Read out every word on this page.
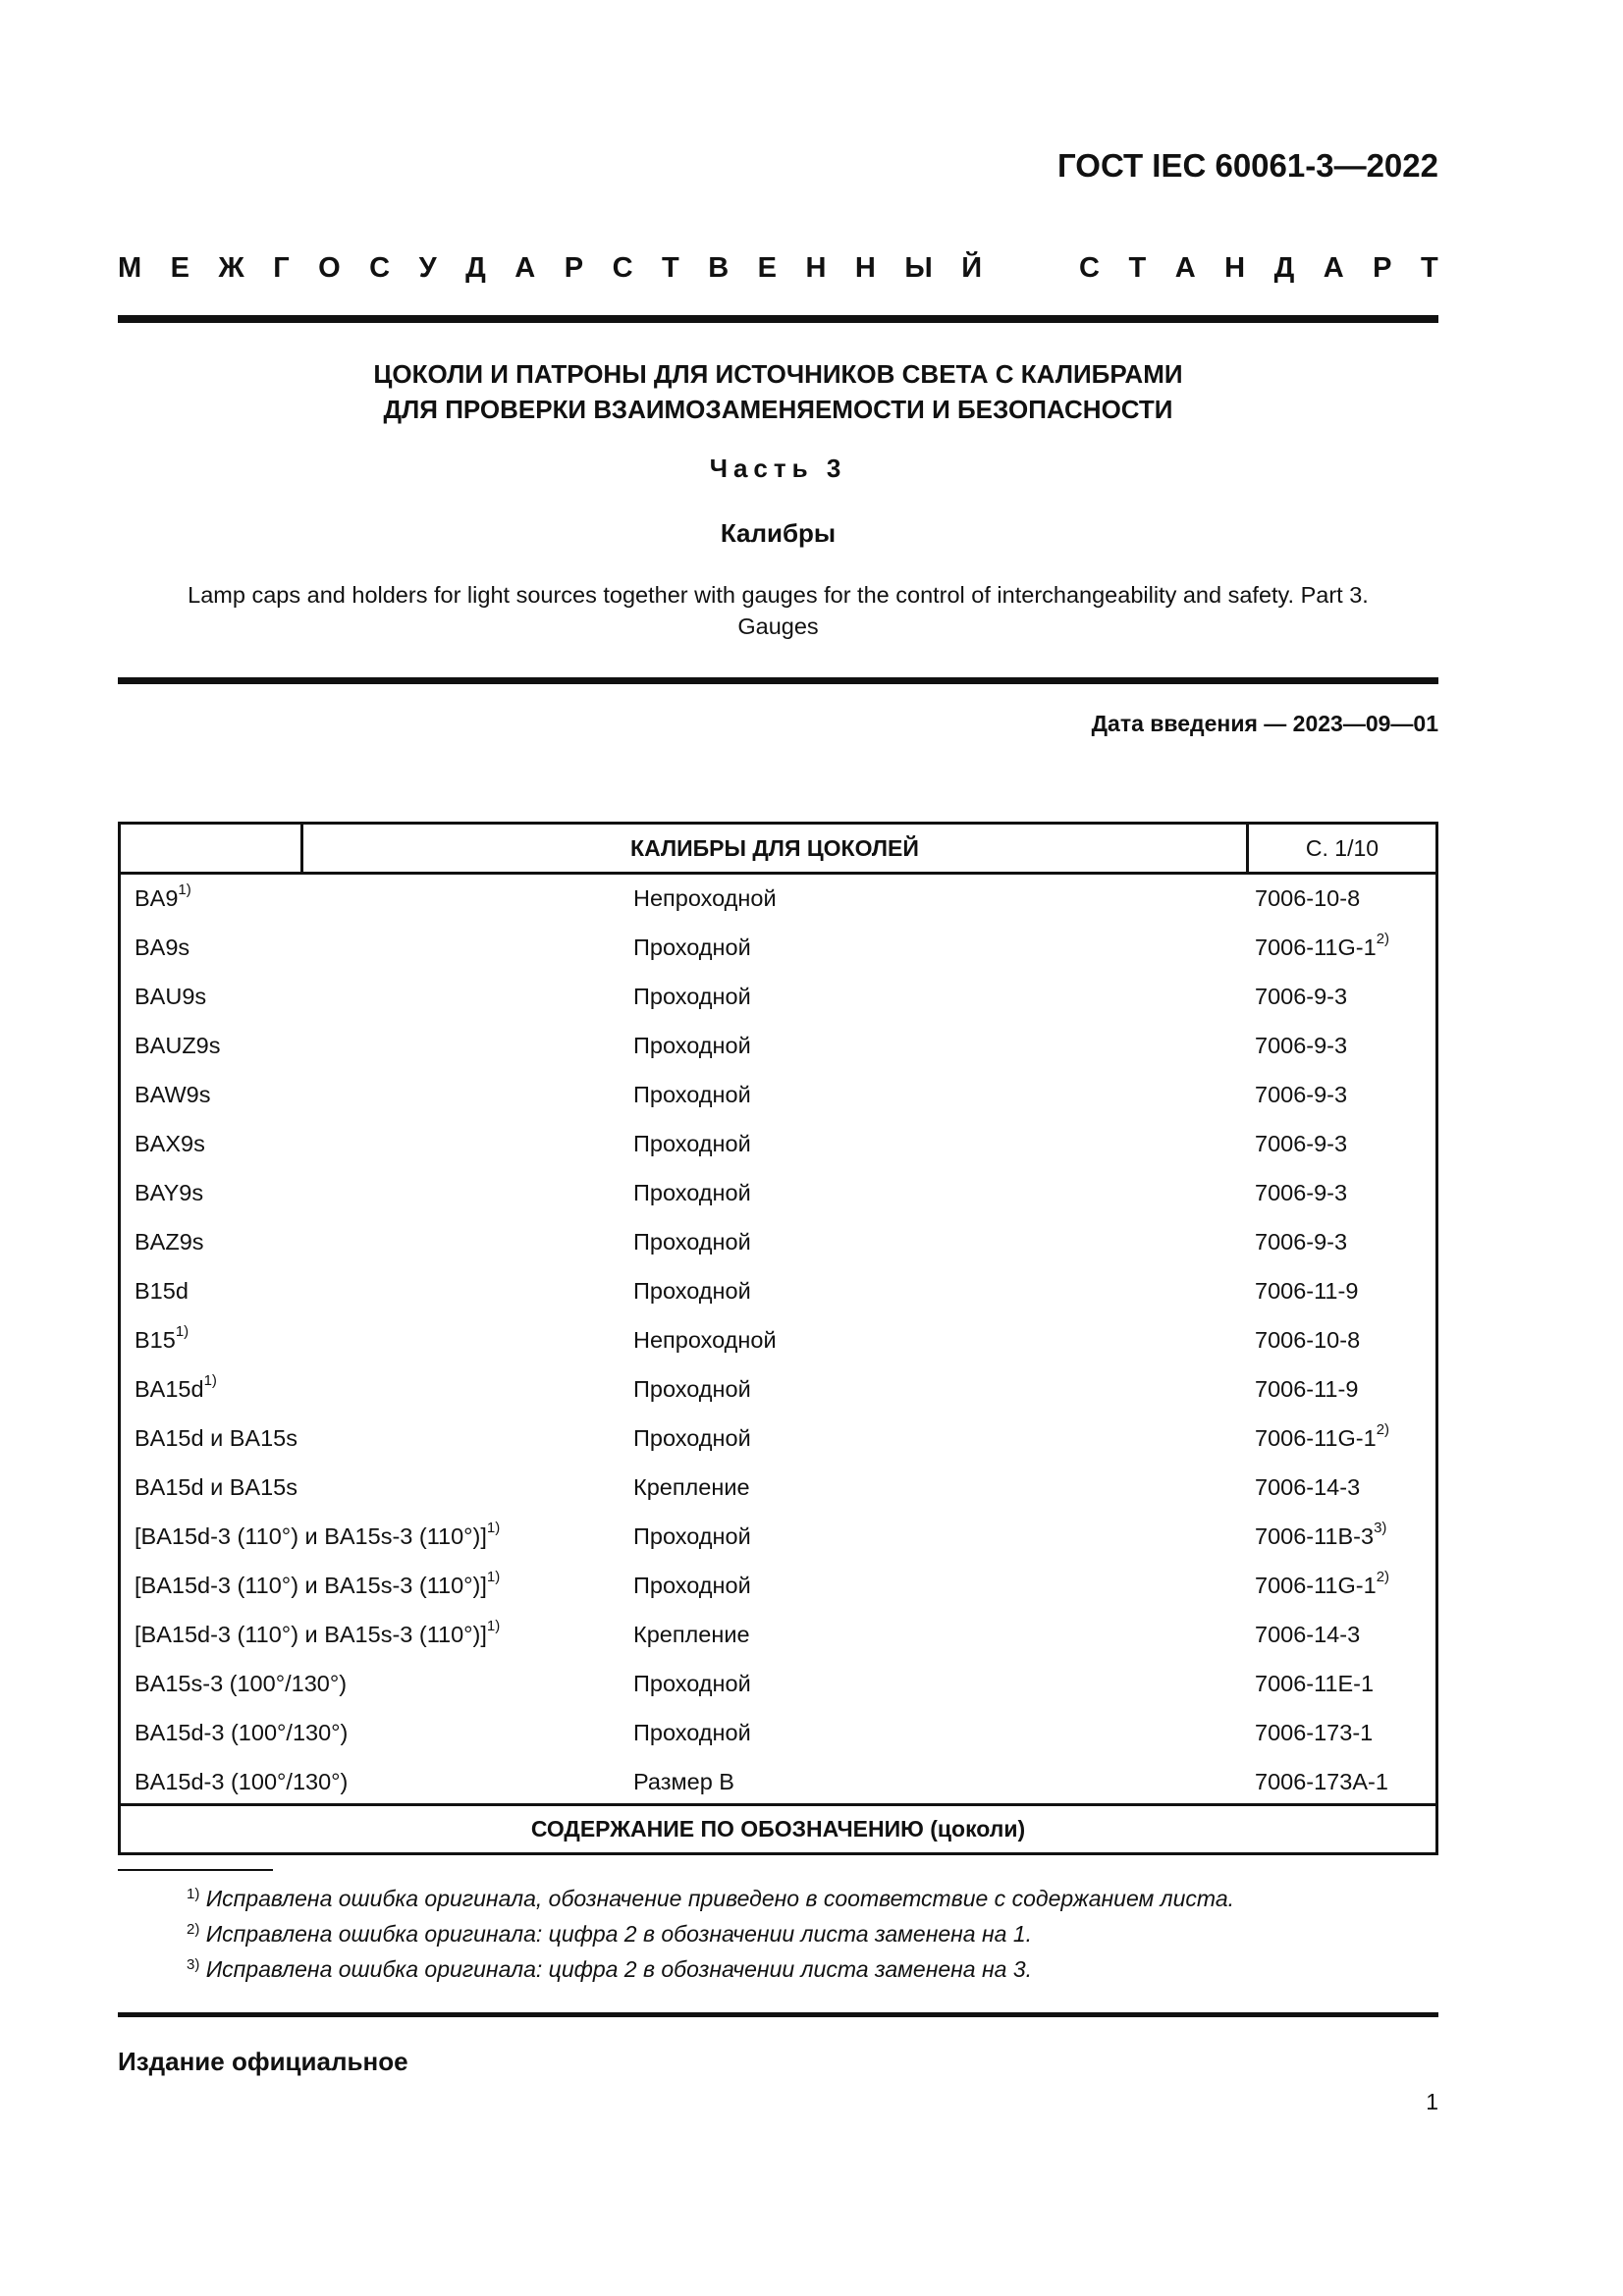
ГОСТ IEC 60061-3—2022
М Е Ж Г О С У Д А Р С Т В Е Н Н Ы Й	С Т А Н Д А Р Т
ЦОКОЛИ И ПАТРОНЫ ДЛЯ ИСТОЧНИКОВ СВЕТА С КАЛИБРАМИ
ДЛЯ ПРОВЕРКИ ВЗАИМОЗАМЕНЯЕМОСТИ И БЕЗОПАСНОСТИ
Часть 3
Калибры
Lamp caps and holders for light sources together with gauges for the control of interchangeability and safety. Part 3.
Gauges
Дата введения — 2023—09—01
КАЛИБРЫ ДЛЯ ЦОКОЛЕЙ	С. 1/10
BA9$^{1)}$	Непроходной	7006-10-8
BA9s	Проходной	7006-11G-1$^{2)}$
BAU9s	Проходной	7006-9-3
BAUZ9s	Проходной	7006-9-3
BAW9s	Проходной	7006-9-3
BAX9s	Проходной	7006-9-3
BAY9s	Проходной	7006-9-3
BAZ9s	Проходной	7006-9-3
B15d	Проходной	7006-11-9
B15$^{1)}$	Непроходной	7006-10-8
$BA15d^{1)}$	Проходной	7006-11-9
BA15d и BA15s	Проходной	7006-11G-1$^{2)}$
BA15d и BA15s	Крепление	7006-14-3
[BA15d-3 (110°) и BA15s-3 (110°)]$^{1)}$	Проходной	7006-11B-3$^{3)}$
[BA15d-3 (110°) и BA15s-3 (110°)]$^{1)}$	Проходной	7006-11G-1$^{2)}$
[BA15d-3 (110°) и BA15s-3 (110°)]$^{1)}$	Крепление	7006-14-3
BA15s-3 (100°/130°)	Проходной	7006-11E-1
BA15d-3 (100°/130°)	Проходной	7006-173-1
BA15d-3 (100°/130°)	Размер В	7006-173A-1
СОДЕРЖАНИЕ ПО ОБОЗНАЧЕНИЮ (цоколи)
$^{1)}$ Исправлена ошибка оригинала, обозначение приведено в соответствие с содержанием листа.
$^{2)}$ Исправлена ошибка оригинала: цифра 2 в обозначении листа заменена на 1.
$^{3)}$ Исправлена ошибка оригинала: цифра 2 в обозначении листа заменена на 3.
Издание официальное
1
